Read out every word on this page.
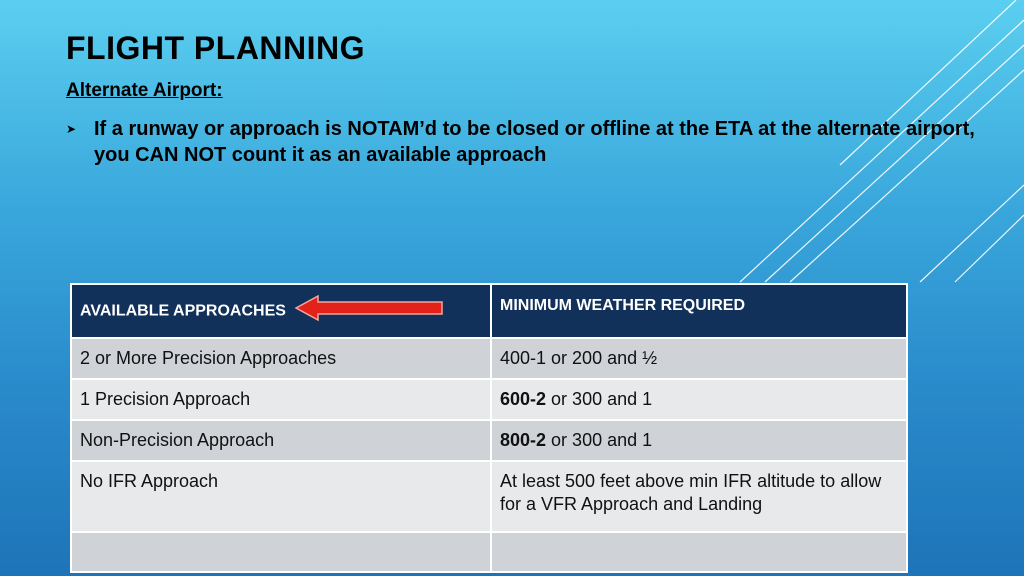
FLIGHT PLANNING
Alternate Airport:
➤ If a runway or approach is NOTAM’d to be closed or offline at the ETA at the alternate airport, you CAN NOT count it as an available approach
AVAILABLE APPROACHES	MINIMUM WEATHER REQUIRED
2 or More Precision Approaches	400-1 or 200 and ½
1 Precision Approach	600-2 or 300 and 1
Non-Precision Approach	800-2 or 300 and 1
No IFR Approach	At least 500 feet above min IFR altitude to allow for a VFR Approach and Landing
